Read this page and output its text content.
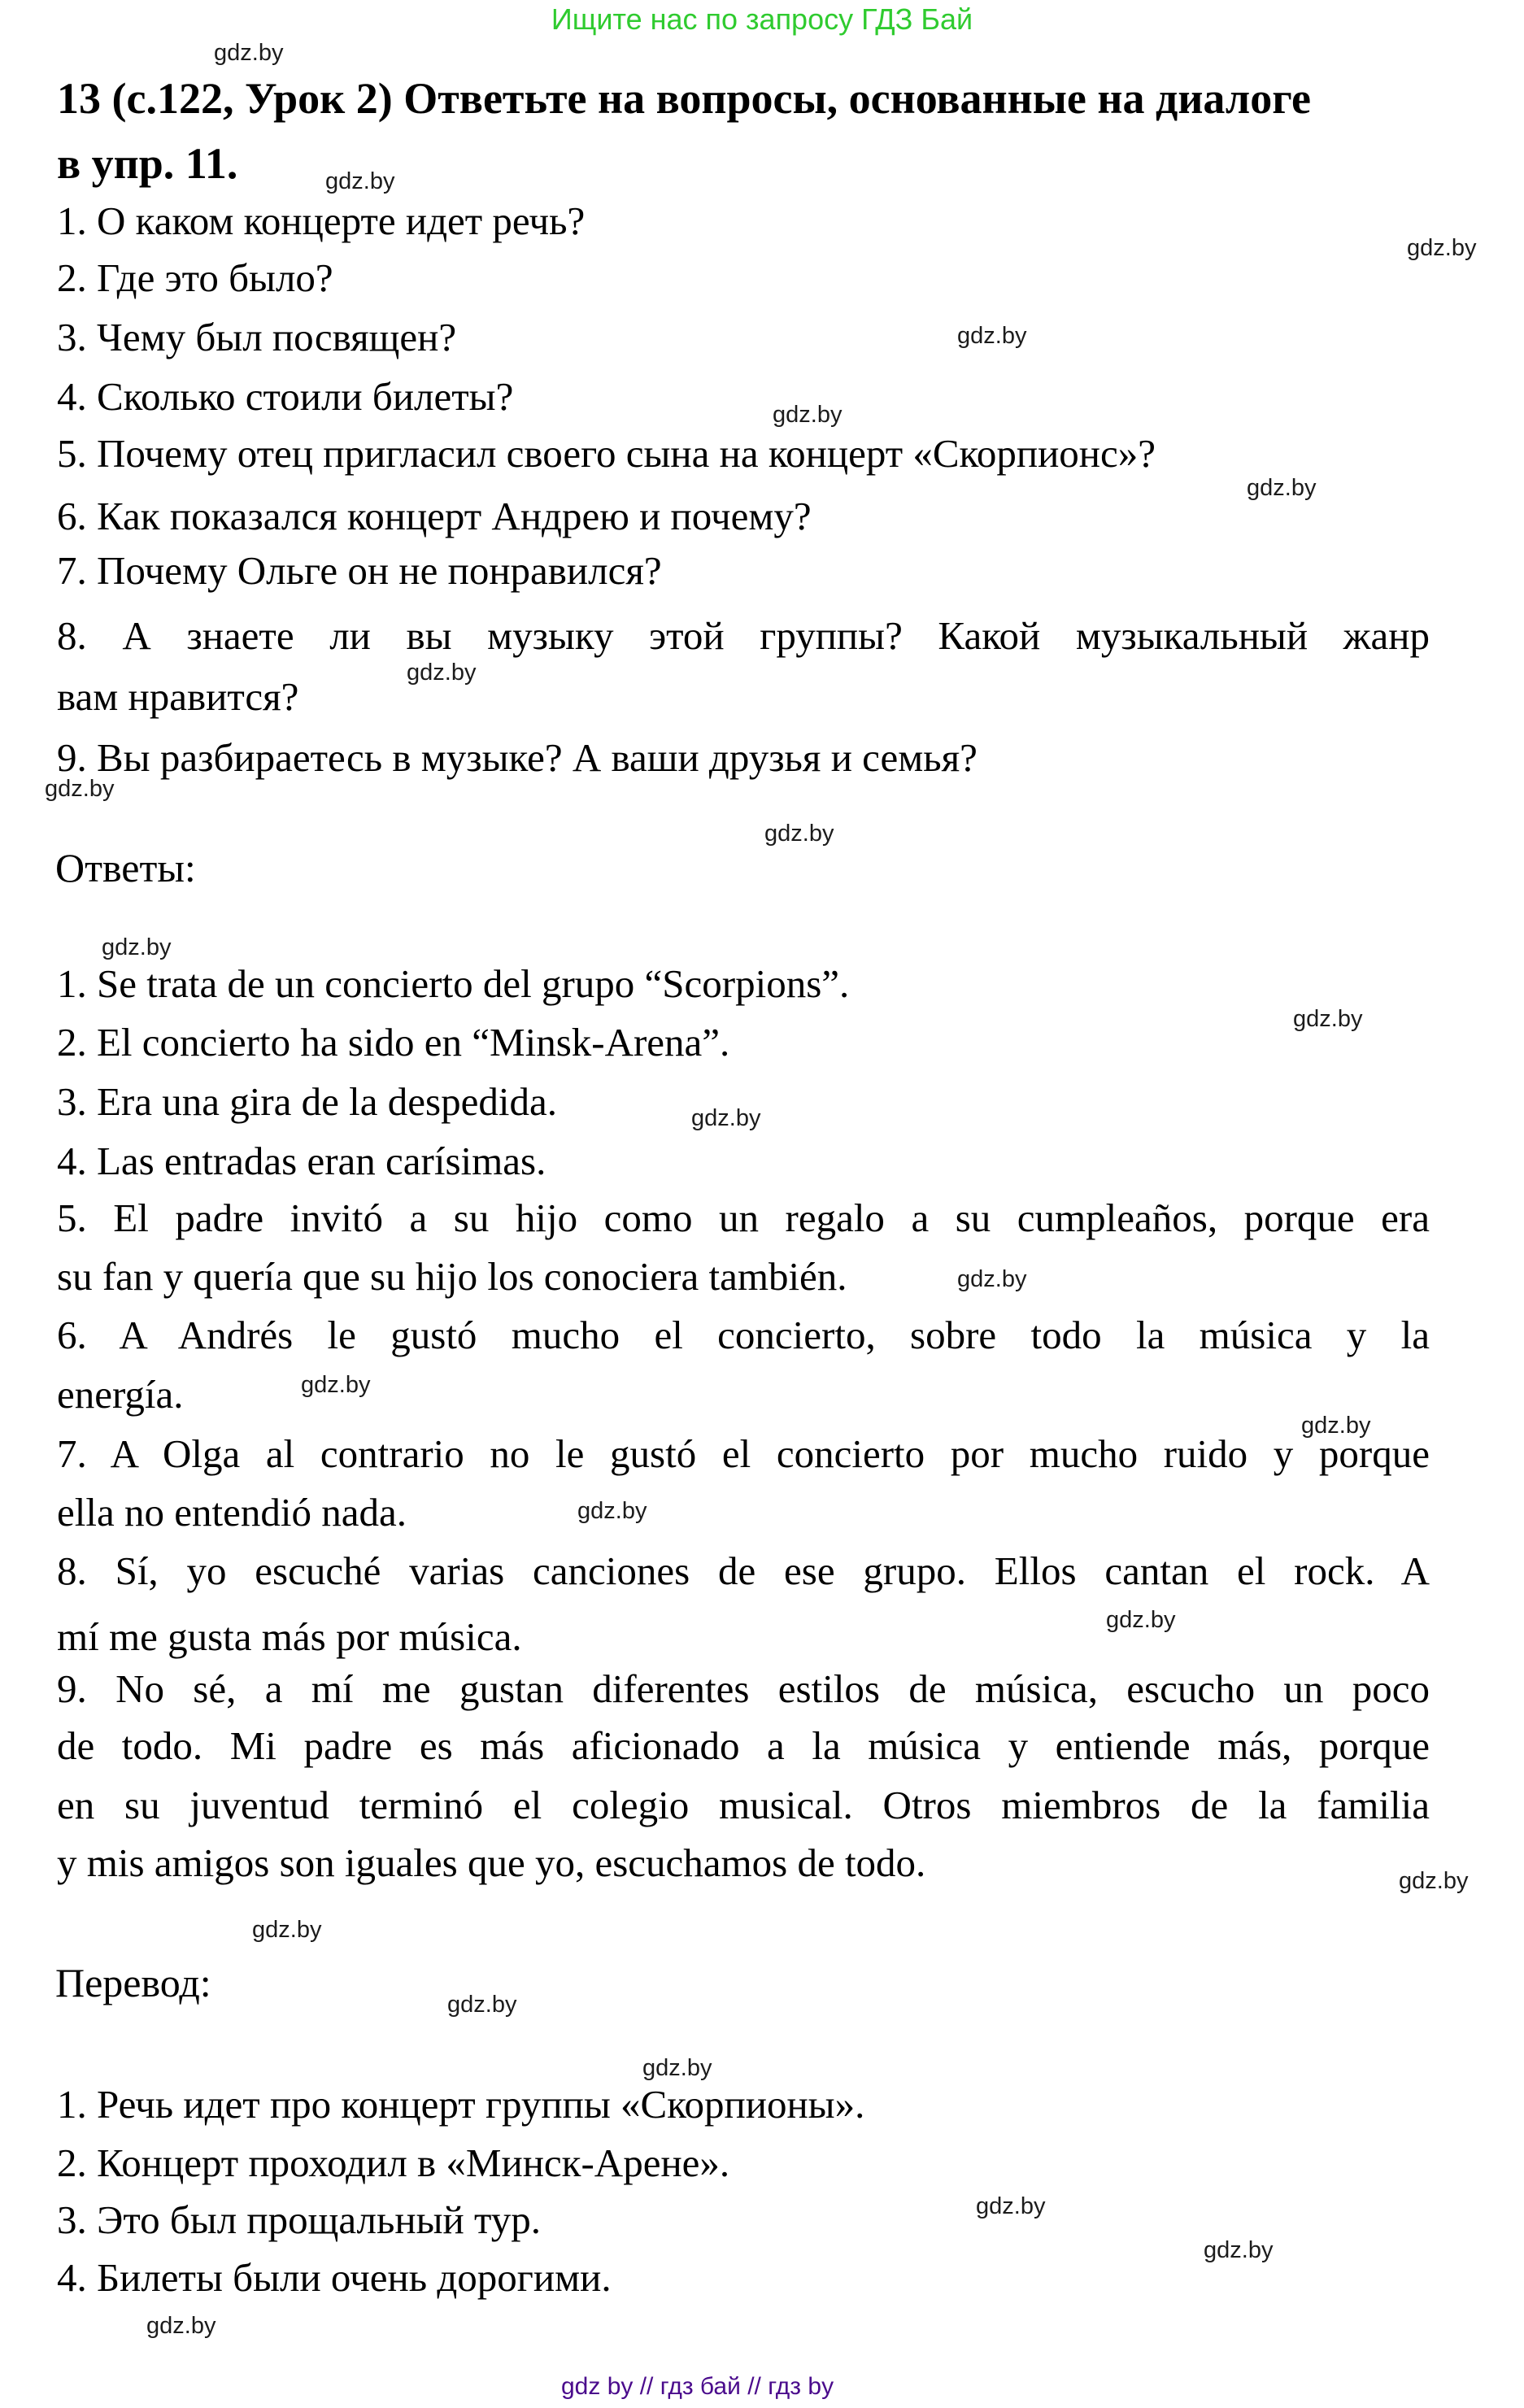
Ищите нас по запросу ГДЗ Бай
gdz.by
gdz.by
gdz.by
gdz.by
gdz.by
gdz.by
gdz.by
gdz.by
gdz.by
gdz.by
gdz.by
gdz.by
gdz.by
gdz.by
gdz.by
gdz.by
gdz.by
gdz.by
gdz.by
gdz.by
gdz.by
gdz.by
gdz.by
gdz.by
13 (с.122, Урок 2) Ответьте на вопросы, основанные на диалоге
в упр. 11.
1. О каком концерте идет речь?
2. Где это было?
3. Чему был посвящен?
4. Сколько стоили билеты?
5. Почему отец пригласил своего сына на концерт «Скорпионс»?
6. Как показался концерт Андрею и почему?
7. Почему Ольге он не понравился?
8. А знаете ли вы музыку этой группы? Какой музыкальный жанр
вам нравится?
9. Вы разбираетесь в музыке? А ваши друзья и семья?
Ответы:
1. Se trata de un concierto del grupo “Scorpions”.
2. El concierto ha sido en “Minsk-Arena”.
3. Era una gira de la despedida.
4. Las entradas eran carísimas.
5. El padre invitó a su hijo como un regalo a su cumpleaños, porque era
su fan y quería que su hijo los conociera también.
6. A Andrés le gustó mucho el concierto, sobre todo la música y la
energía.
7. A Olga al contrario no le gustó el concierto por mucho ruido y porque
ella no entendió nada.
8. Sí, yo escuché varias canciones de ese grupo. Ellos cantan el rock. A
mí me gusta más por música.
9. No sé, a mí me gustan diferentes estilos de música, escucho un poco
de todo. Mi padre es más aficionado a la música y entiende más, porque
en su juventud terminó el colegio musical. Otros miembros de la familia
y mis amigos son iguales que yo, escuchamos de todo.
Перевод:
1. Речь идет про концерт группы «Скорпионы».
2. Концерт проходил в «Минск-Арене».
3. Это был прощальный тур.
4. Билеты были очень дорогими.
gdz by // гдз бай // гдз by
